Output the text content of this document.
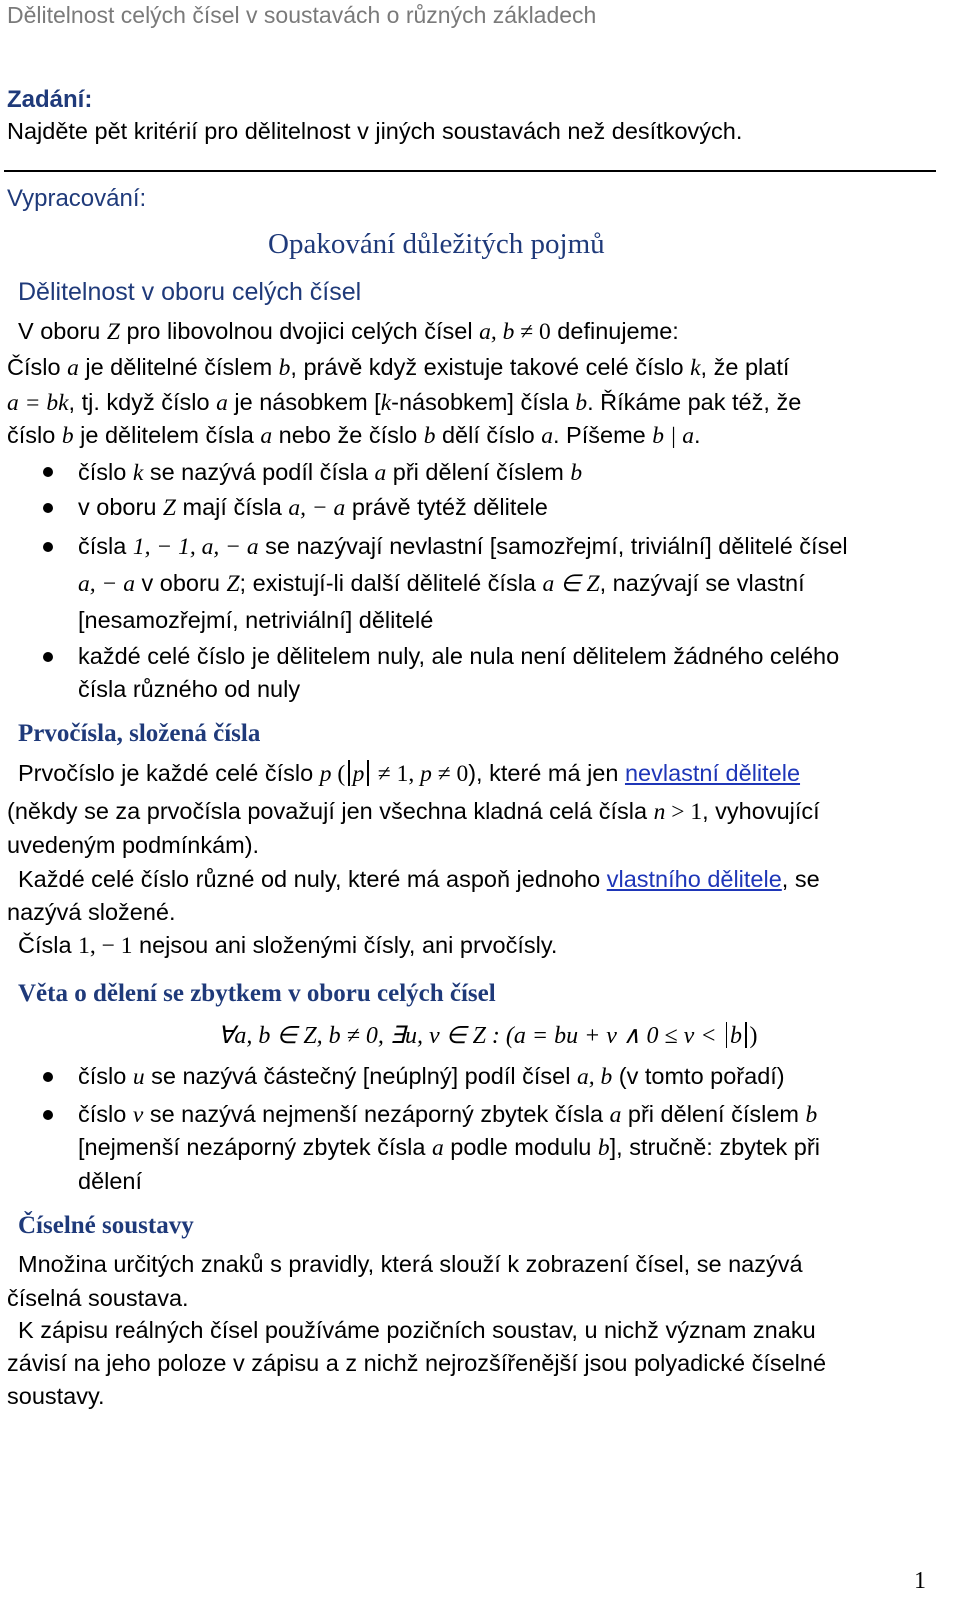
Dělitelnost celých čísel v soustavách o různých základech
Zadání:
Najděte pět kritérií pro dělitelnost v jiných soustavách než desítkových.
Vypracování:
Opakování důležitých pojmů
Dělitelnost v oboru celých čísel
V oboru Z pro libovolnou dvojici celých čísel a, b ≠ 0 definujeme:
Číslo a je dělitelné číslem b, právě když existuje takové celé číslo k, že platí
a = bk, tj. když číslo a je násobkem [k-násobkem] čísla b. Říkáme pak též, že
číslo b je dělitelem čísla a nebo že číslo b dělí číslo a. Píšeme b | a.
číslo k se nazývá podíl čísla a při dělení číslem b
v oboru Z mají čísla a, − a právě tytéž dělitele
čísla 1, − 1, a, − a se nazývají nevlastní [samozřejmí, triviální] dělitelé čísel
a, − a v oboru Z; existují-li další dělitelé čísla a ∈ Z, nazývají se vlastní
[nesamozřejmí, netriviální] dělitelé
každé celé číslo je dělitelem nuly, ale nula není dělitelem žádného celého
čísla různého od nuly
Prvočísla, složená čísla
Prvočíslo je každé celé číslo p ( p ≠ 1, p ≠ 0), které má jen nevlastní dělitele
(někdy se za prvočísla považují jen všechna kladná celá čísla n > 1, vyhovující
uvedeným podmínkám).
Každé celé číslo různé od nuly, které má aspoň jednoho vlastního dělitele, se
nazývá složené.
Čísla 1, − 1 nejsou ani složenými čísly, ani prvočísly.
Věta o dělení se zbytkem v oboru celých čísel
∀a, b ∈ Z, b ≠ 0, ∃u, v ∈ Z : (a = bu + v ∧ 0 ≤ v < b )
číslo u se nazývá částečný [neúplný] podíl čísel a, b (v tomto pořadí)
číslo v se nazývá nejmenší nezáporný zbytek čísla a při dělení číslem b
[nejmenší nezáporný zbytek čísla a podle modulu b], stručně: zbytek při
dělení
Číselné soustavy
Množina určitých znaků s pravidly, která slouží k zobrazení čísel, se nazývá
číselná soustava.
K zápisu reálných čísel používáme pozičních soustav, u nichž význam znaku
závisí na jeho poloze v zápisu a z nichž nejrozšířenější jsou polyadické číselné
soustavy.
1
